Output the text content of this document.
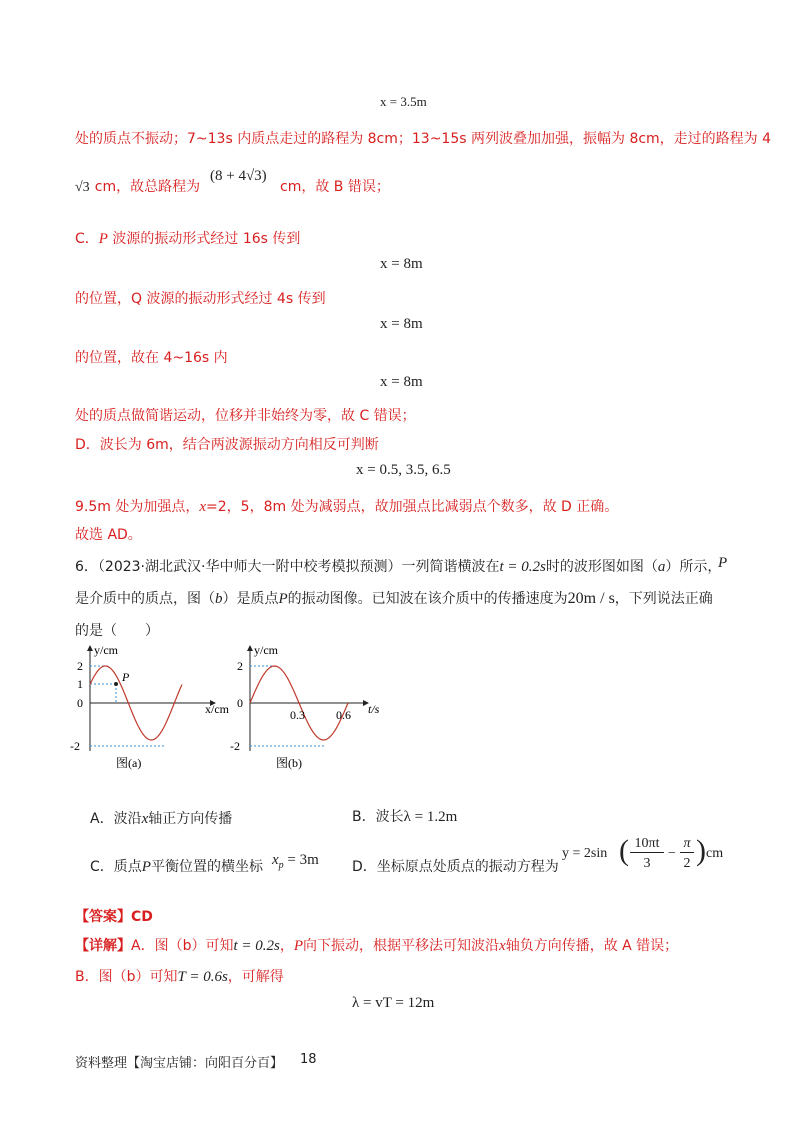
x = 3.5m
处的质点不振动；7~13s 内质点走过的路程为 8cm；13~15s 两列波叠加加强，振幅为 8cm，走过的路程为 4
√3 cm，故总路程为
(8 + 4√3)
cm，故 B 错误；
C．P 波源的振动形式经过 16s 传到
x = 8m
的位置，Q 波源的振动形式经过 4s 传到
x = 8m
的位置，故在 4~16s 内
x = 8m
处的质点做简谐运动，位移并非始终为零，故 C 错误；
D．波长为 6m，结合两波源振动方向相反可判断
x = 0.5, 3.5, 6.5
9.5m 处为加强点，x=2，5，8m 处为减弱点，故加强点比减弱点个数多，故 D 正确。
故选 AD。
6．（2023·湖北武汉·华中师大一附中校考模拟预测）一列简谐横波在t = 0.2s时的波形图如图（a）所示，
P
是介质中的质点，图（b）是质点P的振动图像。已知波在该介质中的传播速度为20m / s，下列说法正确
的是（　　）
P
y/cm
x/cm
2
1
0
-2
图(a)
y/cm
t/s
2
0
-2
0.3	0.6
图(b)
A．波沿x轴正方向传播	B．波长λ = 1.2m
C．质点P平衡位置的横坐标 $x_p = 3m$ D．坐标原点处质点的振动方程为
y = 2sin ( 10πt
3
−
π
2 ) cm
【答案】CD
【详解】A．图（b）可知t = 0.2s，P向下振动，根据平移法可知波沿x轴负方向传播，故 A 错误；
B．图（b）可知T = 0.6s，可解得
λ = vT = 12m
资料整理【淘宝店铺：向阳百分百】 18
